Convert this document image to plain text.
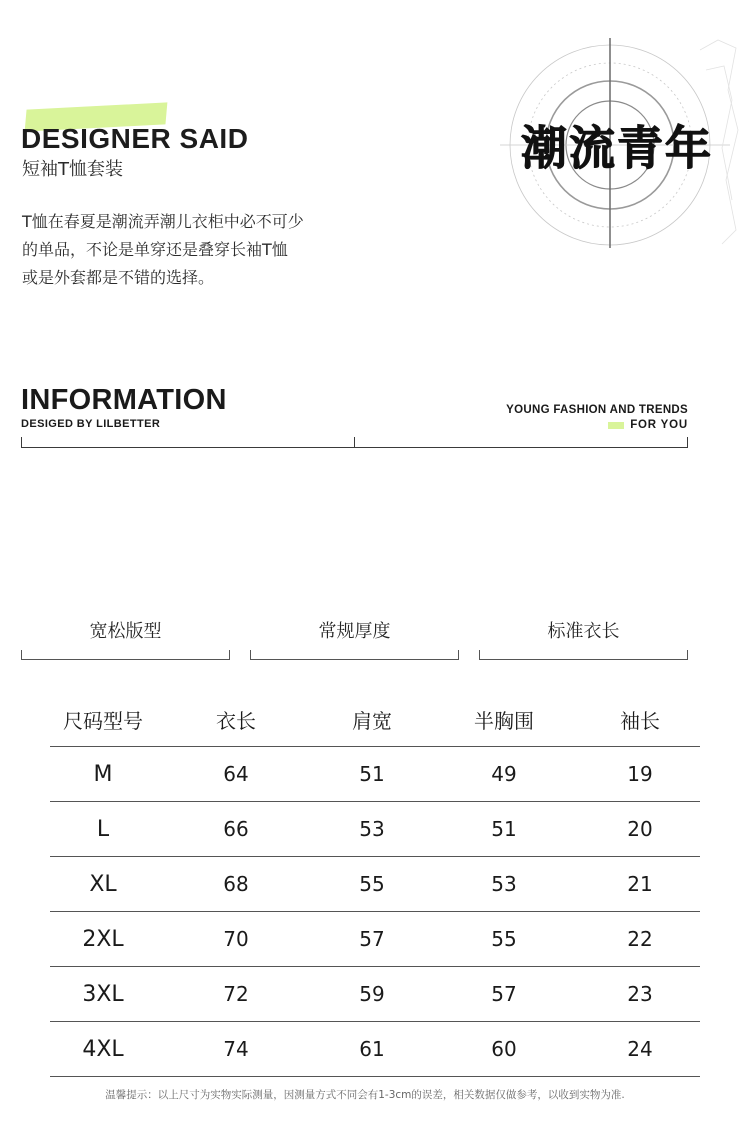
DESIGNER SAID
短袖T恤套装
T恤在春夏是潮流弄潮儿衣柜中必不可少
的单品，不论是单穿还是叠穿长袖T恤
或是外套都是不错的选择。
潮流青年
INFORMATION
DESIGED BY LILBETTER
YOUNG FASHION AND TRENDS
FOR YOU
宽松版型	常规厚度	标准衣长
尺码型号	衣长	肩宽	半胸围	袖长
M	64	51	49	19
L	66	53	51	20
XL	68	55	53	21
2XL	70	57	55	22
3XL	72	59	57	23
4XL	74	61	60	24
温馨提示：以上尺寸为实物实际测量，因测量方式不同会有1-3cm的误差，相关数据仅做参考，以收到实物为准.
